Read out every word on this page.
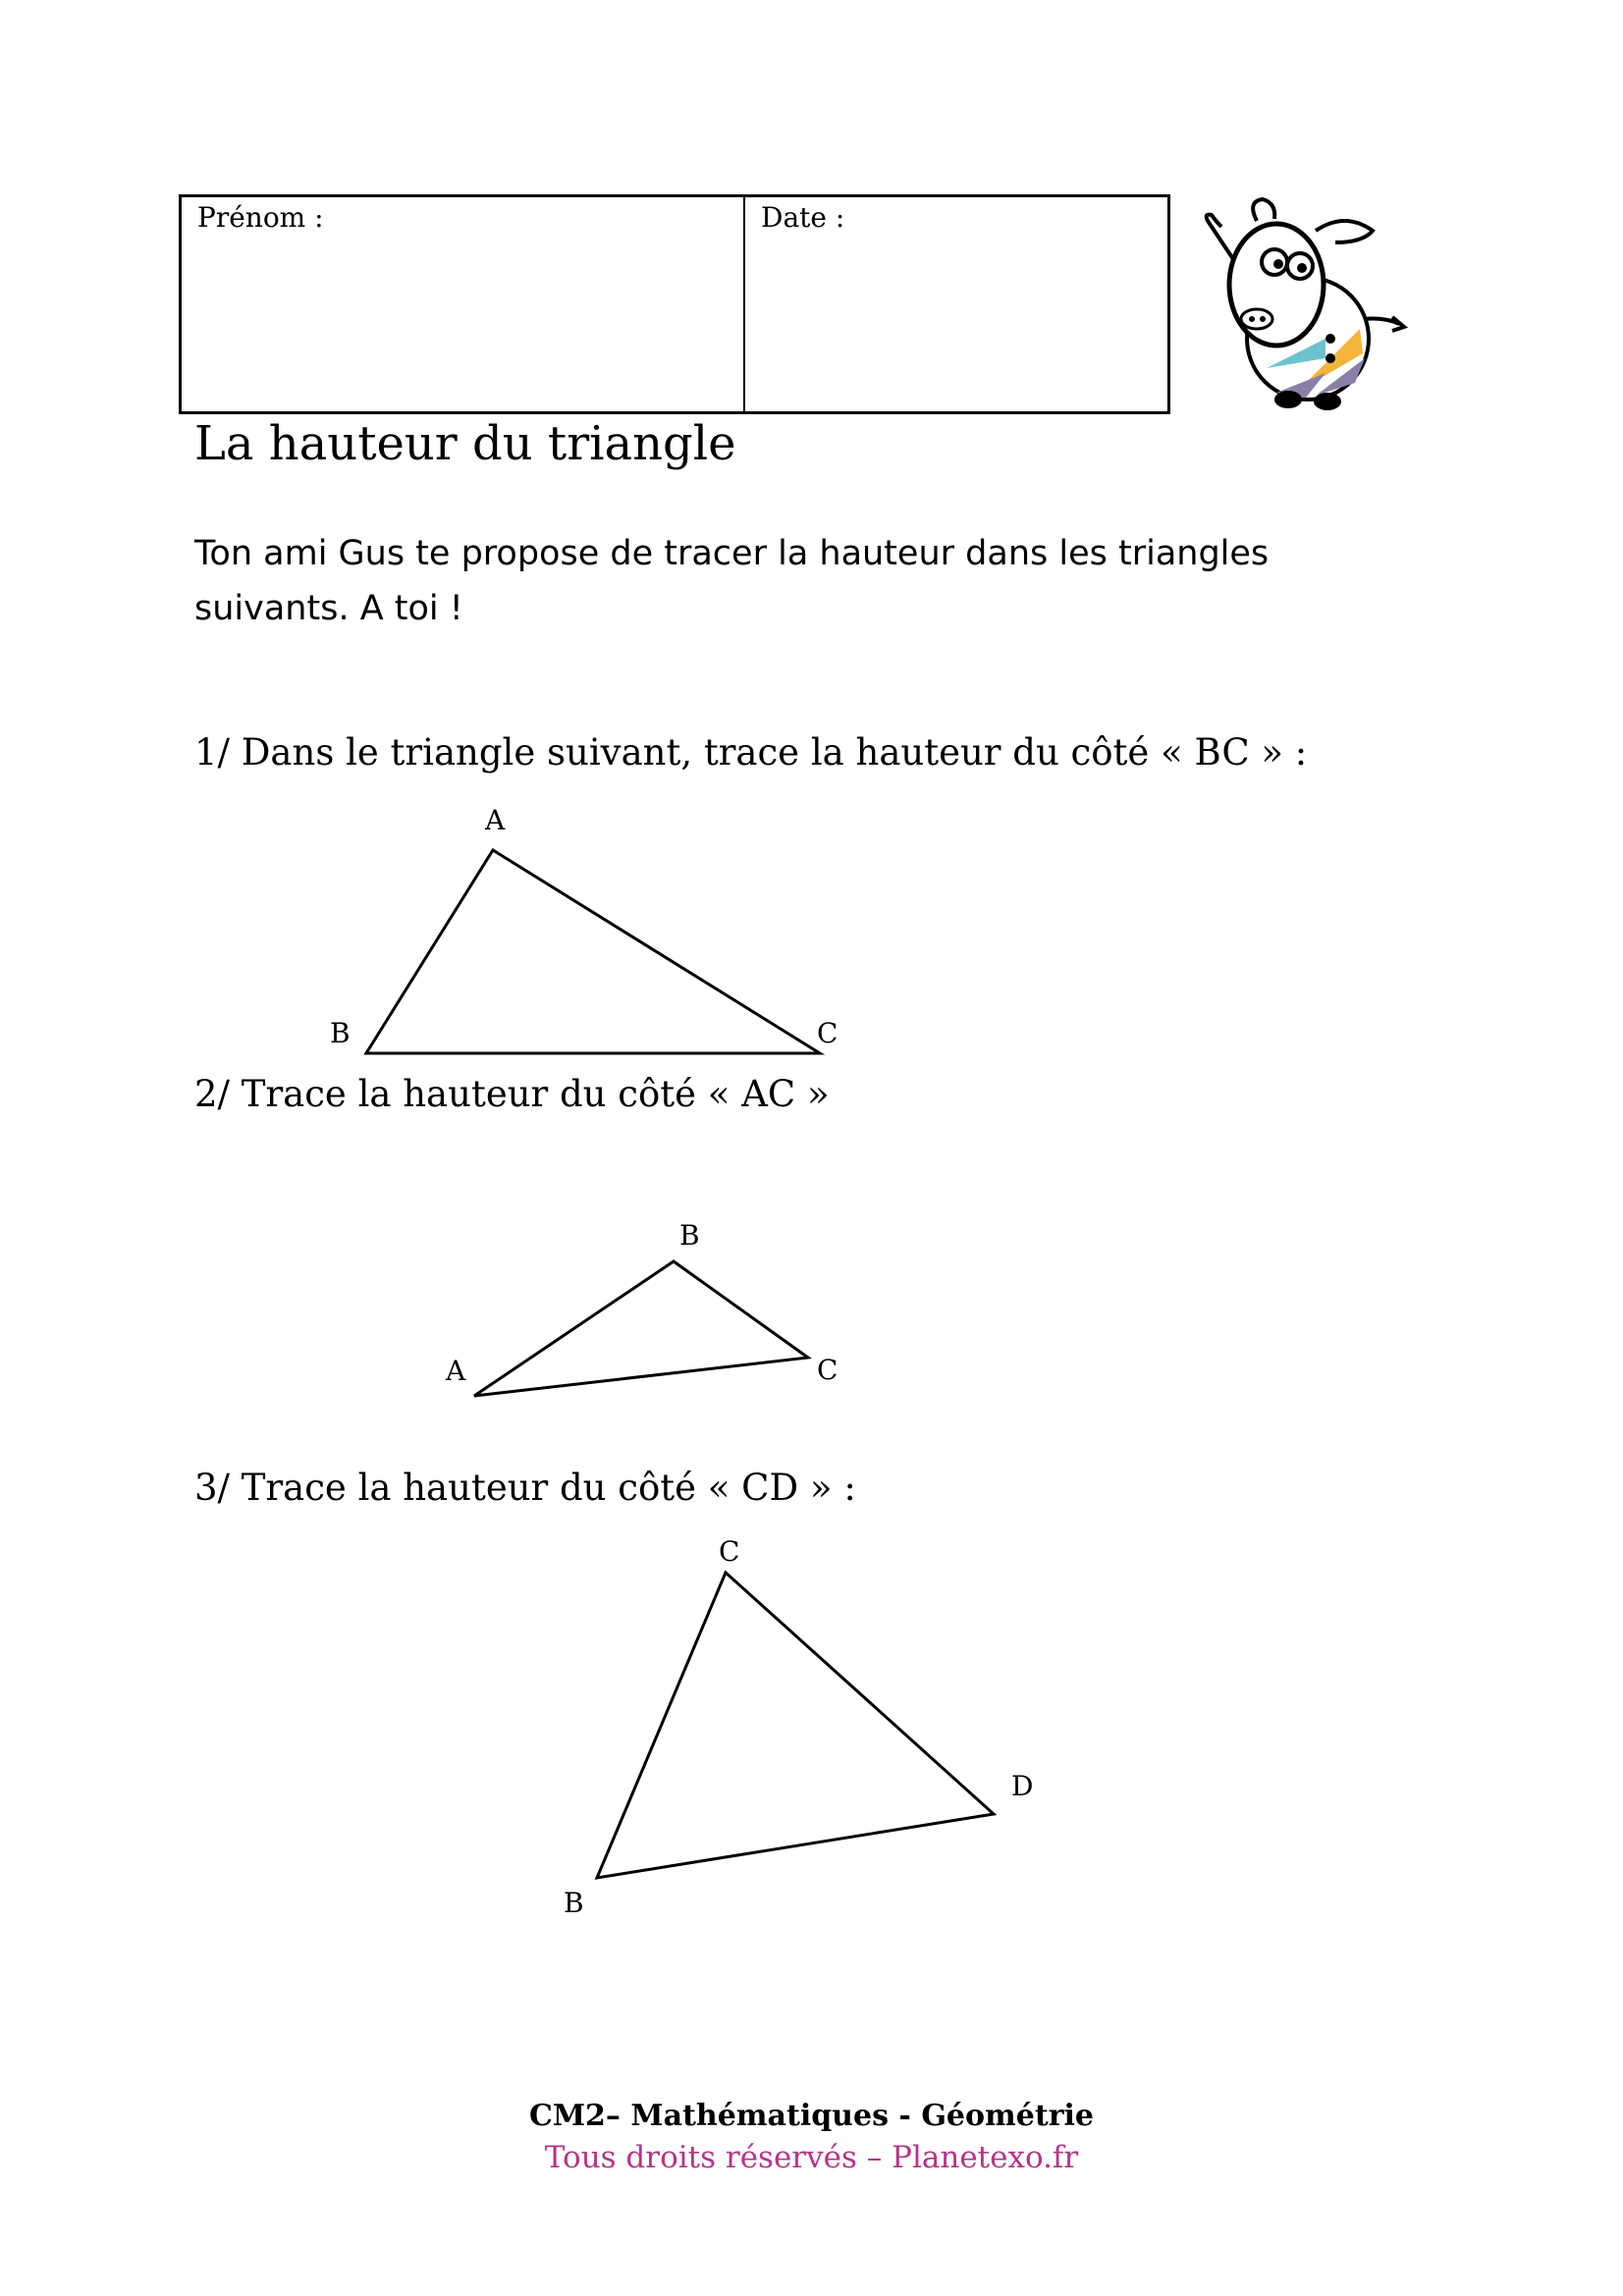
Prénom :	Date :
La hauteur du triangle
Ton ami Gus te propose de tracer la hauteur dans les triangles suivants. A toi !
1/ Dans le triangle suivant, trace la hauteur du côté « BC » :
2/ Trace la hauteur du côté « AC »
3/ Trace la hauteur du côté « CD » :
A
B	C
B
A	C
C
D
B
CM2– Mathématiques - Géométrie
Tous droits réservés – Planetexo.fr
